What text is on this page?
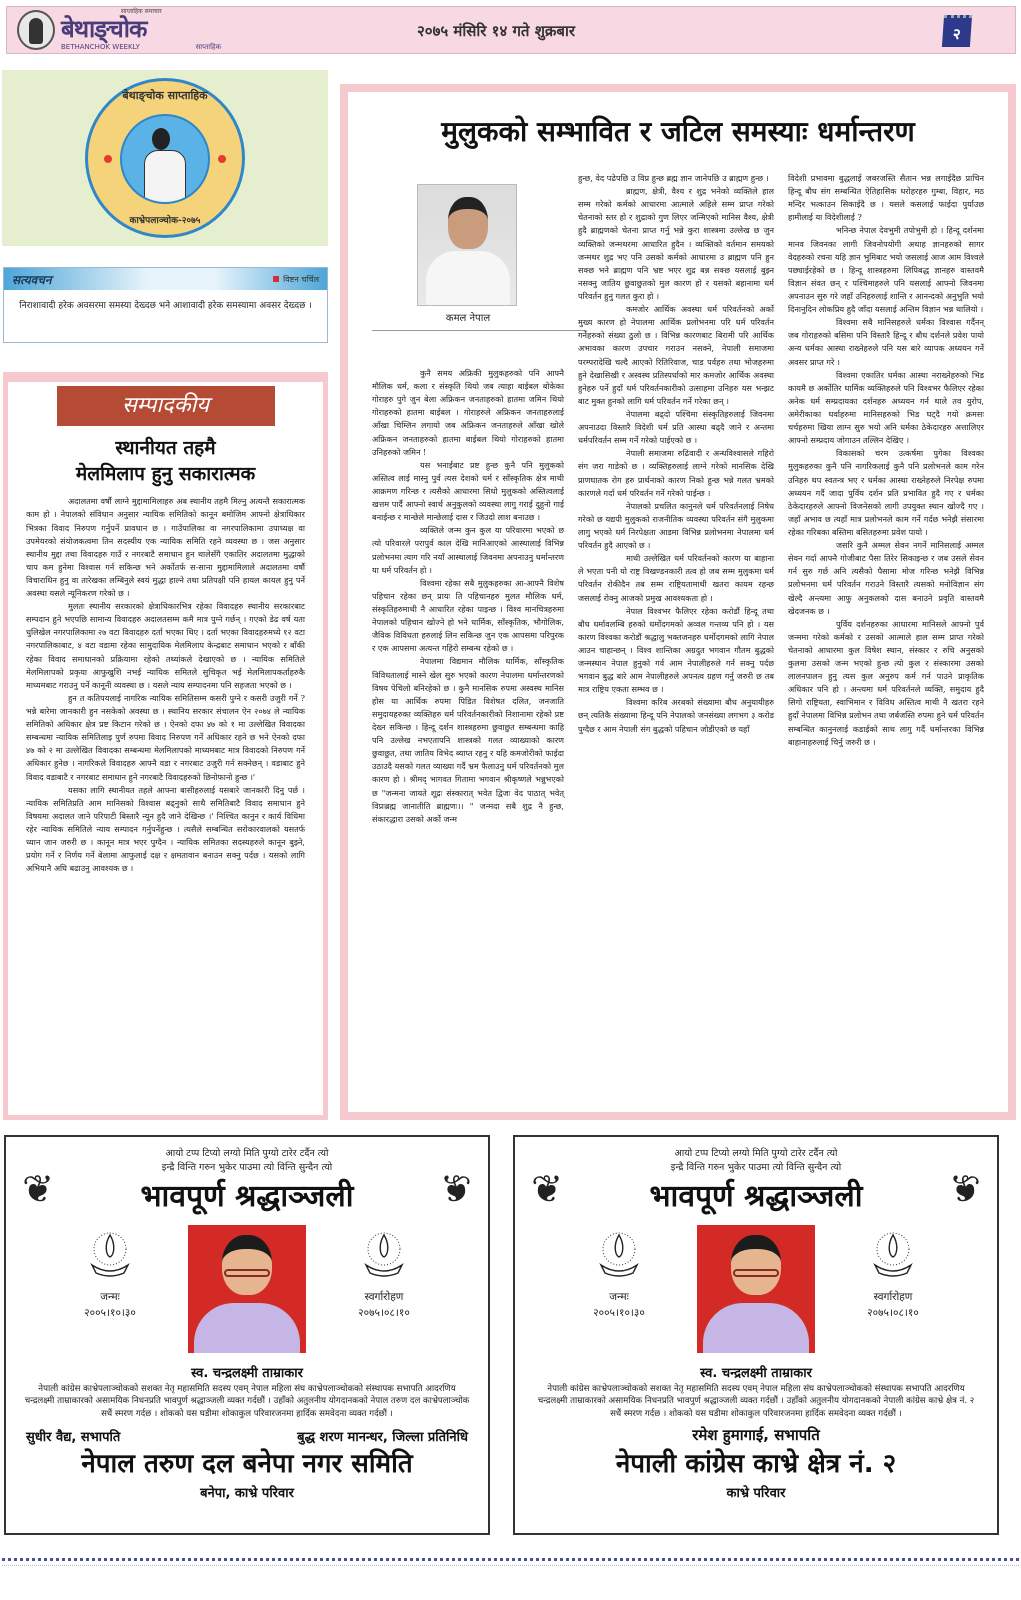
साप्ताहिक समाचार
बेथाङ्चोक
BETHANCHOK WEEKLY	साप्ताहिक
२०७५ मंसिरि १४ गते शुक्रबार	२
बेथाङ्चोक साप्ताहिक
काभ्रेपलाञ्चोक-२०७५
सत्यवचन	विष्टन चर्चिल
निराशावादी हरेक अवसरमा समस्या देख्दछ भने आशावादी हरेक समस्यामा अवसर देख्दछ ।
सम्पादकीय
स्थानीयत तहमै
मेलमिलाप हुनु सकारात्मक

अदालतमा वर्षौ लाग्ने मुद्दामामिलाहरु अब स्थानीय तहमै मिल्नु अत्यन्तै सकारात्मक काम हो । नेपालको संविधान अनुसार न्यायिक समितिको कानून बमोजिम आफ्नो क्षेत्राधिकार भित्रका विवाद निरुपण गर्नुपर्ने प्रावधान छ । गाउँपालिका वा नगरपालिकामा उपाध्यक्ष वा उपमेयरको संयोजकत्वमा तिन सदस्यीय एक न्यायिक समिति रहने व्यवस्था छ । जस अनुसार स्थानीय मुद्दा तथा विवादहरु गाउँ र नगरबाटै समाधान हुन थालेसँगै एकातिर अदालतमा मुद्धाको चाप कम हुनेमा विश्वास गर्न सकिन्छ भने अर्कोतर्फ स-साना मुद्दामामिलाले अदालतमा वर्षौ विचाराधिन हुनु वा तारेखका लम्बिनुले स्वयं मुद्धा हाल्ने तथा प्रतिपक्षी पनि हायल कायल हुनु पर्ने अवस्था यसले न्यूनिकरण गरेको छ ।

मुलतः स्थानीय सरकारको क्षेत्राधिकारभित्र रहेका विवादहरु स्थानीय सरकारबाट सम्पदान हुने भएपछि सामान्य विवादहरु अदालतसम्म कमै मात्र पुग्ने गर्छन् । गएको डेढ वर्ष यता धुलिखेल नगरपालिकामा २७ वटा विवादहरु दर्ता भएका थिए । दर्ता भएका विवादहरुमध्ये १२ वटा नगरपालिकाबाट, ४ वटा वडामा रहेका सामुदायिक मेलमिलाप केन्द्रबाट समाधान भएको र बाँकी रहेका विवाद समाधानको प्रक्रियामा रहेको तथ्यांकले देखाएको छ । न्यायिक समितिले मेलमिलापको प्रकृया आफुखुशि नभई न्यायिक समितले सुचिकृत भई मेलमिलापकर्ताहरुकै माध्यमबाट गराउनु पर्ने कानूनी व्यवस्था छ । यसले न्याय सम्पादनमा पनि सहजता भएको छ ।

हुन त कतिपयलाई नागरिक न्यायिक समितिसम्म कसरी पुग्ने र कसरी उजुरी गर्ने ? भन्ने बारेमा जानकारी हुन नसकेको अवस्था छ । स्थानिय सरकार संचालन ऐन २०७४ ले न्यायिक समितिको अधिकार क्षेत्र प्रष्ट किटान गरेको छ । ऐनको दफा ४७ को १ मा उल्लेखित विवादका सम्बन्धमा न्यायिक समितिलाइ पुर्ण रुपमा विवाद निरुपण गर्ने अधिकार रहने छ भने ऐनको दफा ४७ को २ मा उल्लेखित विवादका सम्बन्धमा मेलमिलापको माध्यमबाट मात्र विवादको निरुपण गर्ने अधिकार हुनेछ । नागरिकले विवादहरु आफ्नै वडा र नगरबाट उजुरी गर्न सक्नेछन् । वडाबाट हुने विवाद वडाबाटै र नगरबाट समाधान हुने नगरबाटै विवादहरुको छिनोफानो हुन्छ ।'

यसका लागि स्थानीयत तहले आफ्ना बासीहरुलाई यसबारे जानकारी दिनु पर्छ । न्यायिक समितिप्रति आम मानिसको विश्वास बढ्नुको साथै समितिबाटै विवाद समाधान हुने विषयमा अदालत जाने परिपाटी बिस्तारै न्यून हुदै जाने देखिन्छ ।' निश्चित कानुन र कार्य विधिमा रहेर न्यायिक समितिले न्याय सम्पादन गर्नुपर्नेहुन्छ । त्यसैले सम्बन्धित सरोकारवालको यसतर्फ ध्यान जान जरुरी छ । कानून मात्र भएर पुग्दैन । न्यायिक समितका सदस्यहरुले कानून बुझ्ने, प्रयोग गर्ने र निर्णय गर्ने बेलामा आफुलाई दक्ष र क्षमतावान बनाउन सक्नु पर्दछ । यसको लागि अभियानै अघि बढाउनु आवश्यक छ ।

मुलुकको सम्भावित र जटिल समस्याः धर्मान्तरण
कमल नेपाल

कुनै समय अफ्रिकी मुलुकहरुको पनि आफ्नै मौलिक धर्म, कला र संस्कृति थियो जब त्याहा बाईबल बोकेका गोराहरु पुगे जुन बेला अफ्रिकन जनताहरुको हातमा जमिन थियो गोराहरुको हातमा बाईबल । गोराहरुले अफ्रिकन जनताहरुलाई आँखा चिम्लिन लगायो जब अफ्रिकन जनताहरुले आँखा खोले अफ्रिकन जनताहरुको हातमा बाईबल थियो गोराहरुको हातमा उनिहरुको जमिन !

यस भनाईबाट प्रष्ट हुन्छ कुनै पनि मुलुकको अस्तित्व लाई मास्नु पुर्व त्यस देशको धर्म र साँस्कृतिक क्षेत्र माथी आक्रमण गरिन्छ र त्यसैको आधारमा सिधो मुलुकको अस्तित्वलाई खत्तम पार्दै आफ्नो स्वार्थ अनुकुलको व्यवस्था लागु गराई दुहुनो गाई बनाईन्छ र मान्छेले मान्छेलाई दास र जिउदो लाश बनाउछ ।

व्यक्तिले जन्म कुन कुल या परिवारमा भएको छ त्यो परिवारले परापुर्व काल देखि मानिआएको आस्थालाई विभिन्न प्रलोभनमा त्याग गरि नयाँ आस्थालाई जिवनमा अपनाउनु धर्मान्तरण या धर्म परिवर्तन हो ।

विश्वमा रहेका सबै मुलुकहरुका आ-आफ्नै विशेष पहिचान रहेका छन् प्रायः ति पहिचानहरु मुलत मौलिक धर्म, संस्कृतिहरुमाथी नै आधारित रहेका पाइन्छ । विश्व मानचित्रहरुमा नेपालको पहिचान खोज्ने हो भने धार्मिक, साँस्कृतिक, भौगोलिक, जैविक विविधता हरुलाई लिन सकिन्छ जुन एक आपसमा परिपुरक र एक आपसमा अत्यन्त गहिरो सम्बन्ध रहेको छ ।

नेपालमा विद्यमान मौलिक धार्मिक, साँस्कृतिक विविधतालाई मास्ने खेल सुरु भएको कारण नेपालमा धर्मान्तरणको विषय पेचिलो बनिरहेको छ । कुनै मानसिक रुपमा अस्वस्थ मानिस होस या आर्थिक रुपमा पिडित विशेषत दलित, जनजाति समुदायहरुका व्यक्तिहरु धर्म परिवर्तनकारीको निशानामा रहेको प्रष्ट देख्न सकिन्छ । हिन्दू दर्शन शास्त्रहरुमा छुवाछुत सम्बन्धमा काहि पनि उल्लेख नभएतापनि शास्त्रको गलत व्याख्याको कारण छुवाछुत, तथा जातिय विभेद ब्याप्त रहनु र यहि कमजोरीको फाईदा उठाउदै यसको गलत व्याख्या गर्दै भ्रम फैलाउनु धर्म परिवर्तनको मुल कारण हो । श्रीमद् भागवत गितामा भगवान श्रीकृष्णले भन्नुभएको छ "जन्मना जायते शूद्रः संस्कारात् भवेत द्विजः वेद पाठात् भवेत् विप्रःब्रह्म जानातीति ब्राह्मणः।। " जन्मदा सबै शुद्र नै हुन्छ, संकारद्धारा उसको अर्को जन्म

हुन्छ, वेद पढेपछि उ विप्र हुन्छ ब्रह्म ज्ञान जानेपछि उ ब्राह्मण हुन्छ ।

ब्राह्मण, क्षेत्री, वैश्य र शुद्र भनेको व्यक्तिले हाल सम्म गरेको कर्मको आधारमा आत्माले अहिले सम्म प्राप्त गरेको चेतनाको स्तर हो र शुद्राको गुण लिएर जन्मिएको मानिस वैश्य, क्षेत्री हुदै ब्राह्मणको चेतना प्राप्त गर्नु भन्ने कुरा शास्त्रमा उल्लेख छ जुन व्यक्तिको जन्मथरमा आधारित हुदैन । व्यक्तिको वर्तमान समयको जन्मथर शुद्र भए पनि उसको कर्मको आधारमा उ ब्राह्मण पनि हुन सक्छ भने ब्राह्मण पनि भ्रष्ट भएर शुद्र बन्न सक्छ यसलाई बुझ्न नसक्नु जातिय छुवाछुतको मुल कारण हो र यसको बहानामा धर्म परिवर्तन हुनु गलत कुरा हो ।

कमजोर आर्थिक अवस्था धर्म परिवर्तनको अर्को मुख्य कारण हो नेपालमा आर्थिक प्रलोभनमा परि धर्म परिवर्तन गर्नेहरुको संख्या ठुलो छ । विभिन्न कारणबाट बिरामी परि आर्थिक अभावका कारण उपचार गराउन नसक्ने, नेपाली समाजमा परम्परादेखि चल्दै आएको रितिरिवाज, चाड पर्वहरु तथा भोजहरुमा हुने देखासिखी र अस्वस्थ प्रतिस्पर्धाको मार कमजोर आर्थिक अवस्था हुनेहरु पर्ने हुदाँ धर्म परिवर्तनकारीको उत्साहमा उनिहरु यस भन्झट बाट मुक्त हुनको लागि धर्म परिवर्तन गर्ने गरेका छन् ।

नेपालमा बढ्दो पश्चिमा संस्कृतिहरुलाई जिवनमा अपनाउदा विस्तारै विदेशी धर्म प्रति आस्था बढ्दै जाने र अन्तमा धर्मपरिवर्तन सम्म गर्ने गरेको पाईएको छ ।

नेपाली समाजमा रुढिवादी र अन्धविश्वासले गहिरो संग जरा गाडेको छ । व्यक्तिहरुलाई लाग्ने गरेको मानसिक देखि प्राणघातक रोग हरु प्रार्थनाको कारण निको हुन्छ भन्ने गलत भ्रमको कारणले गर्दा धर्म परिवर्तन गर्ने गरेको पाईन्छ ।

नेपालको प्रचलित कानुनले धर्म परिवर्तनलाई निषेध गरेको छ यद्यपी मुलुकको राजनीतिक व्यवस्था परिवर्तन संगै मुलुकमा लागु भएको धर्म निरपेक्षता आडमा विभिन्न प्रलोभनमा नेपालमा धर्म परिवर्तन हुदै आएको छ ।

माथी उल्लेखित धर्म परिवर्तनको कारण या बाहाना ले भएता पनी यो राष्ट्र विखण्डनकारी तत्व हो जब सम्म मुलुकमा धर्म परिवर्तन रोकीदैन तब सम्म राष्ट्रियतामाथी खतरा कायम रहन्छ जसलाई रोक्नु आजको प्रमुख आवश्यकता हो ।

नेपाल विश्वभर फैलिएर रहेका करोडौं हिन्दू तथा बौध धर्मावलम्बि हरुको धर्मोदगमको अव्वल गन्तव्य पनि हो । यस कारण विश्वका करोडौं श्रद्धालु भक्तजनहरु धर्मोदगमको लागि नेपाल आउन चाहान्छन् । विश्व शान्तिका अग्रदुत भगवान गौतम बुद्धको जन्मस्थान नेपाल हुनुको गर्व आम नेपालीहरुले गर्न सक्नु पर्दछ भगवान बुद्ध बारे आम नेपालीहरुले अपनत्व ग्रहण गर्नु जरुरी छ तब मात्र राष्ट्रिय एकता सम्भव छ ।

विश्वमा करिब अरबको संख्यामा बौध अनुयायीहरु छन् त्यतिकै संख्यामा हिन्दू पनि नेपालको जनसंख्या लगभग ३ करोड पुग्दैछ र आम नेपाली संग बुद्धको पहिचान जोडीएको छ यहाँ

विदेशी प्रभावमा बुद्धलाई जबरजस्ति सैतान भन्न लगाईदैछ प्राचिन हिन्दू बौध संग सम्बन्धित ऐतिहासिक धरोहरहरु गुम्बा, विहार, मठ मन्दिर भत्काउन सिकाईदै छ । यसले कसलाई फाईदा पुर्याउछ हामीलाई या विदेशीलाई ?

भनिन्छ नेपाल देवभुमी तपोभुमी हो । हिन्दू दर्शनमा मानव जिवनका लागी जिवनोपयोगी अथाह ज्ञानहरुको सागर वेदहरुको रचना यहि ज्ञान भुमिबाट भयो जसलाई आज आम विश्वले पछ्याईरहेको छ । हिन्दू शास्त्रहरुमा लिपिबद्ध ज्ञानहरु वास्तवमै विज्ञान संवत छन् र पश्चिमाहरुले पनि यसलाई आफ्नो जिवनमा अपनाउन सुरु गरे जहाँ उनिहरुलाई शान्ति र आनन्दको अनुभुति भयो दिनानुदिन लोकप्रिय हुदै जाँदा यसलाई अन्तिम विज्ञान भन्न थालियो ।

विश्वमा सबै मानिसहरुले धर्मका विश्वास गर्दैनन् जब गोराहरुको बसिमा पनि विस्तारै हिन्दू र बौध दर्शनले प्रवेश पायो अन्य धर्मका आस्था राख्नेहरुले पनि यस बारे व्यापक अध्ययन गर्ने अवसर प्राप्त गरे ।

विश्वमा एकातिर धर्मका आस्था नराख्नेहरुको भिड कायमै छ अर्कोतिर धार्मिक व्यक्तिहरुले पनि विश्वभर फैलिएर रहेका अनेक धर्म सम्प्रदायका दर्शनहरु अध्ययन गर्न थाले तव युरोप, अमेरीकाका धर्वाहरुमा मानिसहरुको भिड घट्दै गयो क्रमसः चर्चहरुमा खिया लाग्न सुरु भयो अनि धर्मका ठेकेदारहरु अत्तालिएर आफ्नो सम्प्रदाय जोगाउन तल्लिन देखिए ।

विकासको चरम उत्कर्षमा पुगेका विश्वका मुलुकहरुका कुनै पनि नागरिकलाई कुनै पनि प्रलोभनले काम गरेन उनिहरु थप स्वतन्त्र भए र धर्मका आस्था राख्नेहरुले निरपेक्ष रुपमा अध्ययन गर्दै जादा पुर्विय दर्शन प्रति प्रभावित हुदै गए र धर्मका ठेकेदारहरुले आफ्नो विजनेसको लागी उपयुक्त स्थान खोज्दै गए । जहाँ अभाव छ त्यहाँ मात्र प्रलोभनले काम गर्ने गर्दछ भनेझै संसारमा रहेका गरिबका बस्तिमा बसितहरुमा प्रवेश पायो ।

जसरि कुनै अम्मल सेवन नगर्ने मानिसलाई अम्मल सेवन गर्दा आफ्नै गोजीबाट पैसा तिरेर सिकाइन्छ र जब उसले सेवन गर्न सुरु गर्छ अनि त्यसैको पैसामा मोज गरिन्छ भनेझै विभिन्न प्रलोभनमा धर्म परिवर्तन गराउने विस्तारै त्यसको मनोविज्ञान संग खेल्दै अन्त्यमा आफु अनुकलको दास बनाउने प्रवृति वास्तवमै खेदजनक छ ।

पुर्विय दर्शनहरुका आधारमा मानिसले आफ्नो पुर्व जन्ममा गरेको कर्मको र उसको आत्माले हाल सम्म प्राप्त गरेको चेतनाको आधारमा कुल विषेश स्थान, संस्कार र रुचि अनुसको कुलमा उसको जन्म भएको हुन्छ त्यो कुल र संस्कारमा उसको लालनपालन हुनु त्यस कुल अनुरुप कर्म गर्न पाउने प्राकृतिक अधिकार पनि हो । अन्त्यमा धर्म परिवर्तनले व्यक्ति, समुदाय हुदै सिगो राष्ट्रियता, स्वाभिमान र विविध अस्तित्व माथी नै खतरा रहने हुदाँ नेपालमा विभिन्न प्रलोभन तथा जर्बजस्ति रुपमा हुने धर्म परिवर्तन सम्बन्धित कानुनलाई कडाईको साथ लागु गर्दै धर्मान्तरका विभिन्न बाहानाहरुलाई चिर्नु जरुरी छ ।

❦	❦
आयो टप्प टिप्यो लग्यो मिति पुग्यो टारेर टर्दैन त्यो
इन्द्रै विन्ति गरुन भुकेर पाउमा त्यो विन्ति सुन्दैन त्यो
भावपूर्ण श्रद्धाञ्जली
जन्मः
२००५।१०।३०
स्वर्गारोहण
२०७५।०८।१०
स्व. चन्द्रलक्ष्मी ताम्राकार
नेपाली कांग्रेस काभ्रेपलाञ्चोकको सशक्त नेतृ महासमिति सदस्य एवम् नेपाल महिला संघ काभ्रेपलाञ्चोकको संस्थापक सभापति आदरणिय चन्द्रलक्ष्मी ताम्राकारको असामयिक निधनप्रति भावपुर्ण श्रद्धाञ्जली व्यक्त गर्दछौं । उहाँको अतुलनीय योगदानकको नेपाल तरुण दल काभ्रेपलाञ्चोक सधैं स्मरण गर्दछ । शोकको यस घडीमा शोकाकुल परिवारजनमा हार्दिक समवेदना व्यक्त गर्दछौं ।
सुधीर वैद्य, सभापति	बुद्ध शरण मानन्धर, जिल्ला प्रतिनिधि
नेपाल तरुण दल बनेपा नगर समिति
बनेपा, काभ्रे परिवार
❦	❦
आयो टप्प टिप्यो लग्यो मिति पुग्यो टारेर टर्दैन त्यो
इन्द्रै विन्ति गरुन भुकेर पाउमा त्यो विन्ति सुन्दैन त्यो
भावपूर्ण श्रद्धाञ्जली
जन्मः
२००५।१०।३०
स्वर्गारोहण
२०७५।०८।१०
स्व. चन्द्रलक्ष्मी ताम्राकार
नेपाली कांग्रेस काभ्रेपलाञ्चोकको सशक्त नेतृ महासमिति सदस्य एवम् नेपाल महिला संघ काभ्रेपलाञ्चोकको संस्थापक सभापति आदरणिय चन्द्रलक्ष्मी ताम्राकारको असामयिक निधनप्रति भावपुर्ण श्रद्धाञ्जली व्यक्त गर्दछौं । उहाँको अतुलनीय योगदानकको नेपाली कांग्रेस काभ्रे क्षेत्र नं. २ सधैं स्मरण गर्दछ । शोकको यस घडीमा शोकाकुल परिवारजनमा हार्दिक समवेदना व्यक्त गर्दछौं ।
रमेश हुमागाई, सभापति
नेपाली कांग्रेस काभ्रे क्षेत्र नं. २
काभ्रे परिवार
